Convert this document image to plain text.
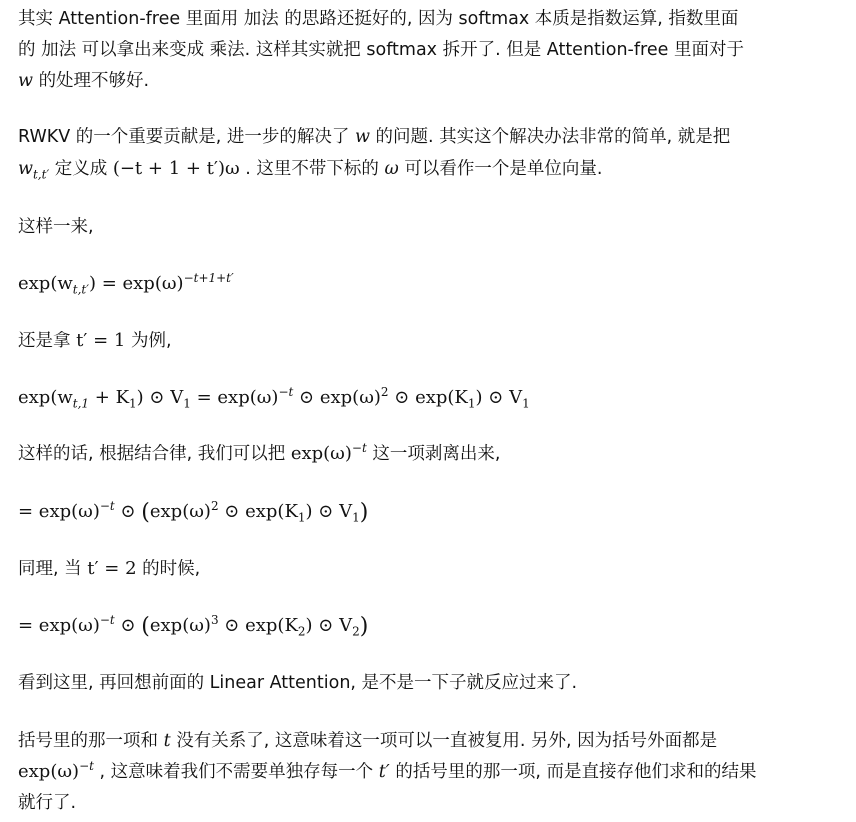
其实 Attention-free 里面用 加法 的思路还挺好的, 因为 softmax 本质是指数运算, 指数里面
的 加法 可以拿出来变成 乘法. 这样其实就把 softmax 拆开了. 但是 Attention-free 里面对于
w 的处理不够好.
RWKV 的一个重要贡献是, 进一步的解决了 w 的问题. 其实这个解决办法非常的简单, 就是把
$w_{t,t'}$ 定义成 (−t + 1 + t′)ω . 这里不带下标的 ω 可以看作一个是单位向量.
这样一来,
$\exp(w_{t,t'}) = \exp(\omega)^{-t+1+t'}$
还是拿 t′ = 1 为例,
$\exp(w_{t,1} + K_1)$ ⊙ $V_1 = \exp(\omega)^{-t}$ ⊙ $\exp(\omega)^2$ ⊙ $\exp(K_1)$ ⊙ $V_1$
这样的话, 根据结合律, 我们可以把 $\exp(\omega)^{-t}$ 这一项剥离出来,
= $\exp(\omega)^{-t}$ ⊙ ($\exp(\omega)^2$ ⊙ $\exp(K_1)$ ⊙ $V_1$)
同理, 当 t′ = 2 的时候,
= $\exp(\omega)^{-t}$ ⊙ ($\exp(\omega)^3$ ⊙ $\exp(K_2)$ ⊙ $V_2$)
看到这里, 再回想前面的 Linear Attention, 是不是一下子就反应过来了.
括号里的那一项和 t 没有关系了, 这意味着这一项可以一直被复用. 另外, 因为括号外面都是
$\exp(\omega)^{-t}$ , 这意味着我们不需要单独存每一个 t′ 的括号里的那一项, 而是直接存他们求和的结果
就行了.
